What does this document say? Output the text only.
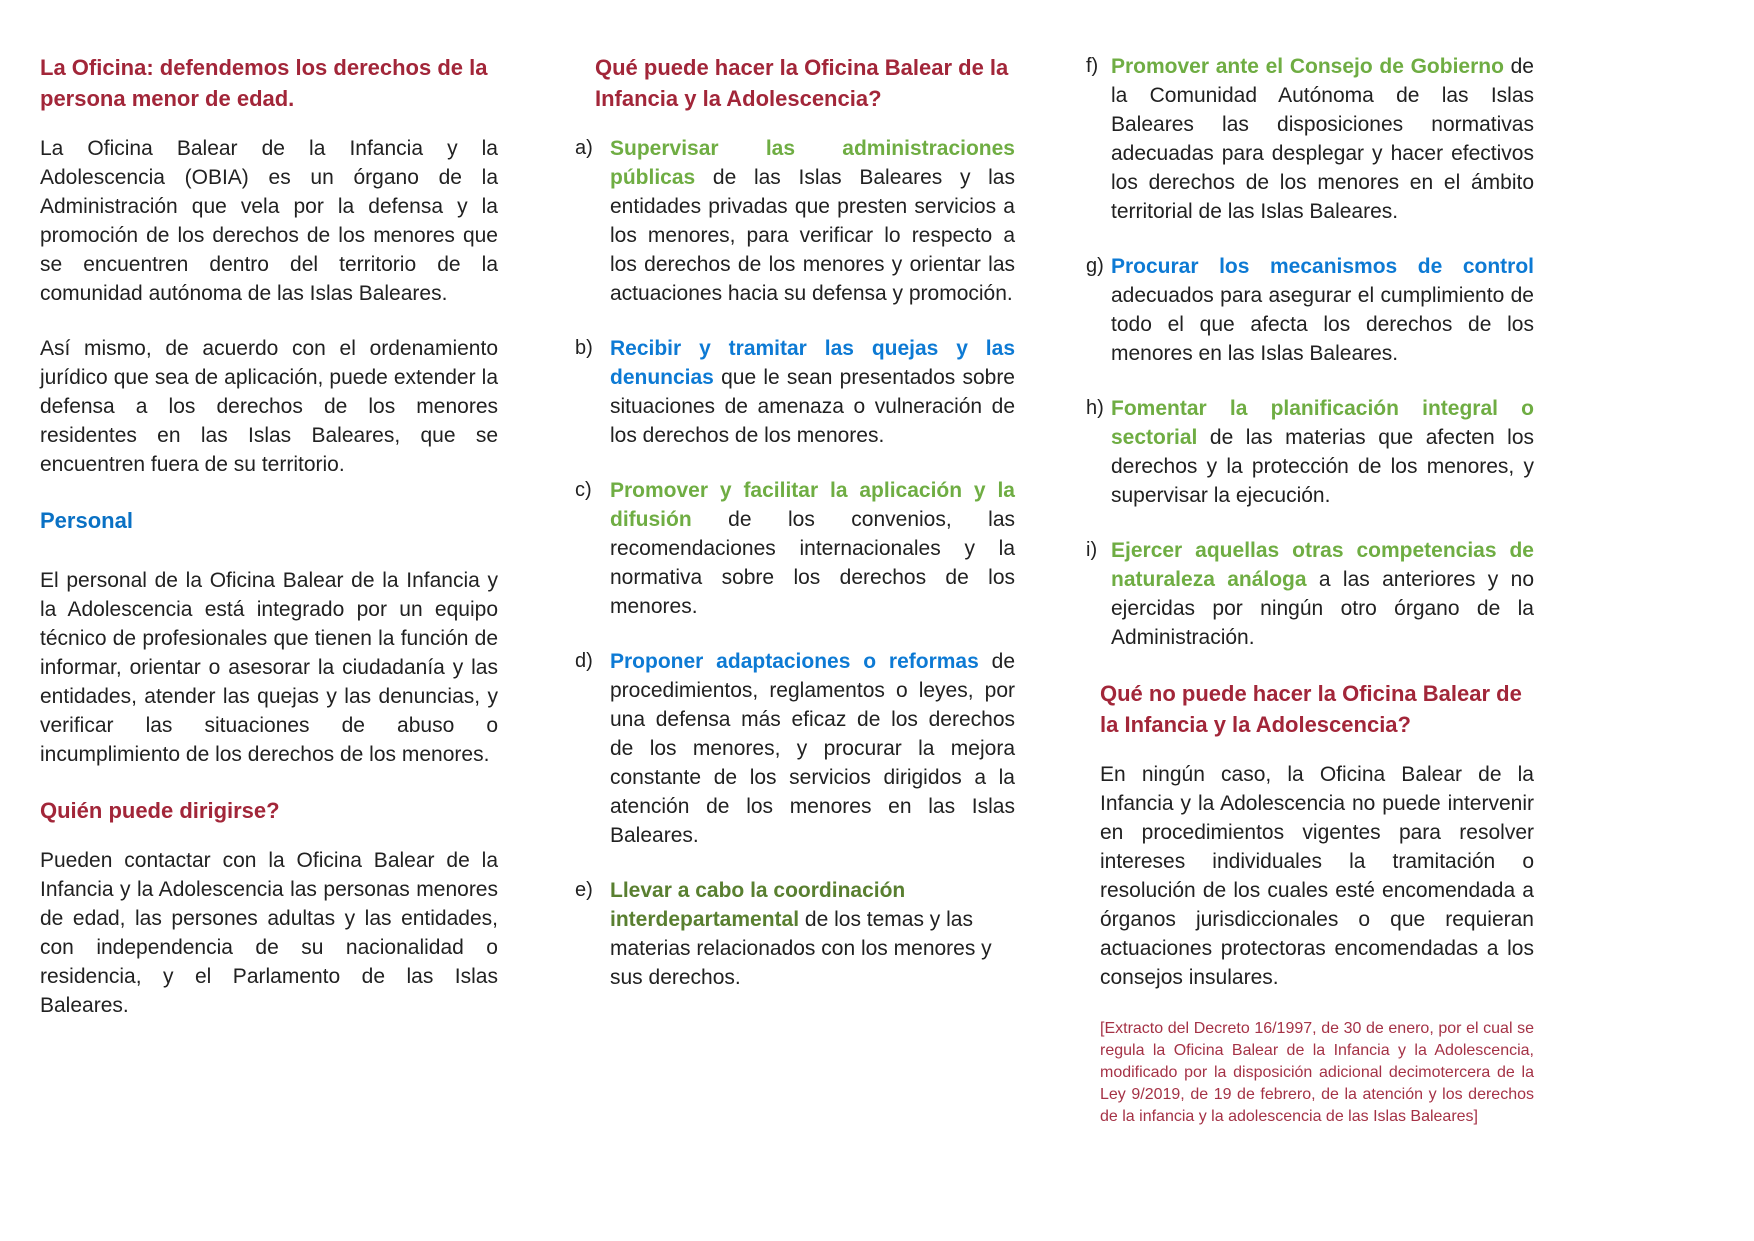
La Oficina: defendemos los derechos de la persona menor de edad.

La Oficina Balear de la Infancia y la Adolescencia (OBIA) es un órgano de la Administración que vela por la defensa y la promoción de los derechos de los menores que se encuentren dentro del territorio de la comunidad autónoma de las Islas Baleares.

Así mismo, de acuerdo con el ordenamiento jurídico que sea de aplicación, puede extender la defensa a los derechos de los menores residentes en las Islas Baleares, que se encuentren fuera de su territorio.

Personal

El personal de la Oficina Balear de la Infancia y la Adolescencia está integrado por un equipo técnico de profesionales que tienen la función de informar, orientar o asesorar la ciudadanía y las entidades, atender las quejas y las denuncias, y verificar las situaciones de abuso o incumplimiento de los derechos de los menores.

Quién puede dirigirse?

Pueden contactar con la Oficina Balear de la Infancia y la Adolescencia las personas menores de edad, las persones adultas y las entidades, con independencia de su nacionalidad o residencia, y el Parlamento de las Islas Baleares.

Qué puede hacer la Oficina Balear de la Infancia y la Adolescencia?
a) Supervisar las administraciones públicas de las Islas Baleares y las entidades privadas que presten servicios a los menores, para verificar lo respecto a los derechos de los menores y orientar las actuaciones hacia su defensa y promoción.

b) Recibir y tramitar las quejas y las denuncias que le sean presentados sobre situaciones de amenaza o vulneración de los derechos de los menores.

c) Promover y facilitar la aplicación y la difusión de los convenios, las recomendaciones internacionales y la normativa sobre los derechos de los menores.

d) Proponer adaptaciones o reformas de procedimientos, reglamentos o leyes, por una defensa más eficaz de los derechos de los menores, y procurar la mejora constante de los servicios dirigidos a la atención de los menores en las Islas Baleares.

e) Llevar a cabo la coordinación interdepartamental de los temas y las materias relacionados con los menores y sus derechos.

f) Promover ante el Consejo de Gobierno de la Comunidad Autónoma de las Islas Baleares las disposiciones normativas adecuadas para desplegar y hacer efectivos los derechos de los menores en el ámbito territorial de las Islas Baleares.

g) Procurar los mecanismos de control adecuados para asegurar el cumplimiento de todo el que afecta los derechos de los menores en las Islas Baleares.

h) Fomentar la planificación integral o sectorial de las materias que afecten los derechos y la protección de los menores, y supervisar la ejecución.

i) Ejercer aquellas otras competencias de naturaleza análoga a las anteriores y no ejercidas por ningún otro órgano de la Administración.

Qué no puede hacer la Oficina Balear de la Infancia y la Adolescencia?

En ningún caso, la Oficina Balear de la Infancia y la Adolescencia no puede intervenir en procedimientos vigentes para resolver intereses individuales la tramitación o resolución de los cuales esté encomendada a órganos jurisdiccionales o que requieran actuaciones protectoras encomendadas a los consejos insulares.

[Extracto del Decreto 16/1997, de 30 de enero, por el cual se regula la Oficina Balear de la Infancia y la Adolescencia, modificado por la disposición adicional decimotercera de la Ley 9/2019, de 19 de febrero, de la atención y los derechos de la infancia y la adolescencia de las Islas Baleares]
